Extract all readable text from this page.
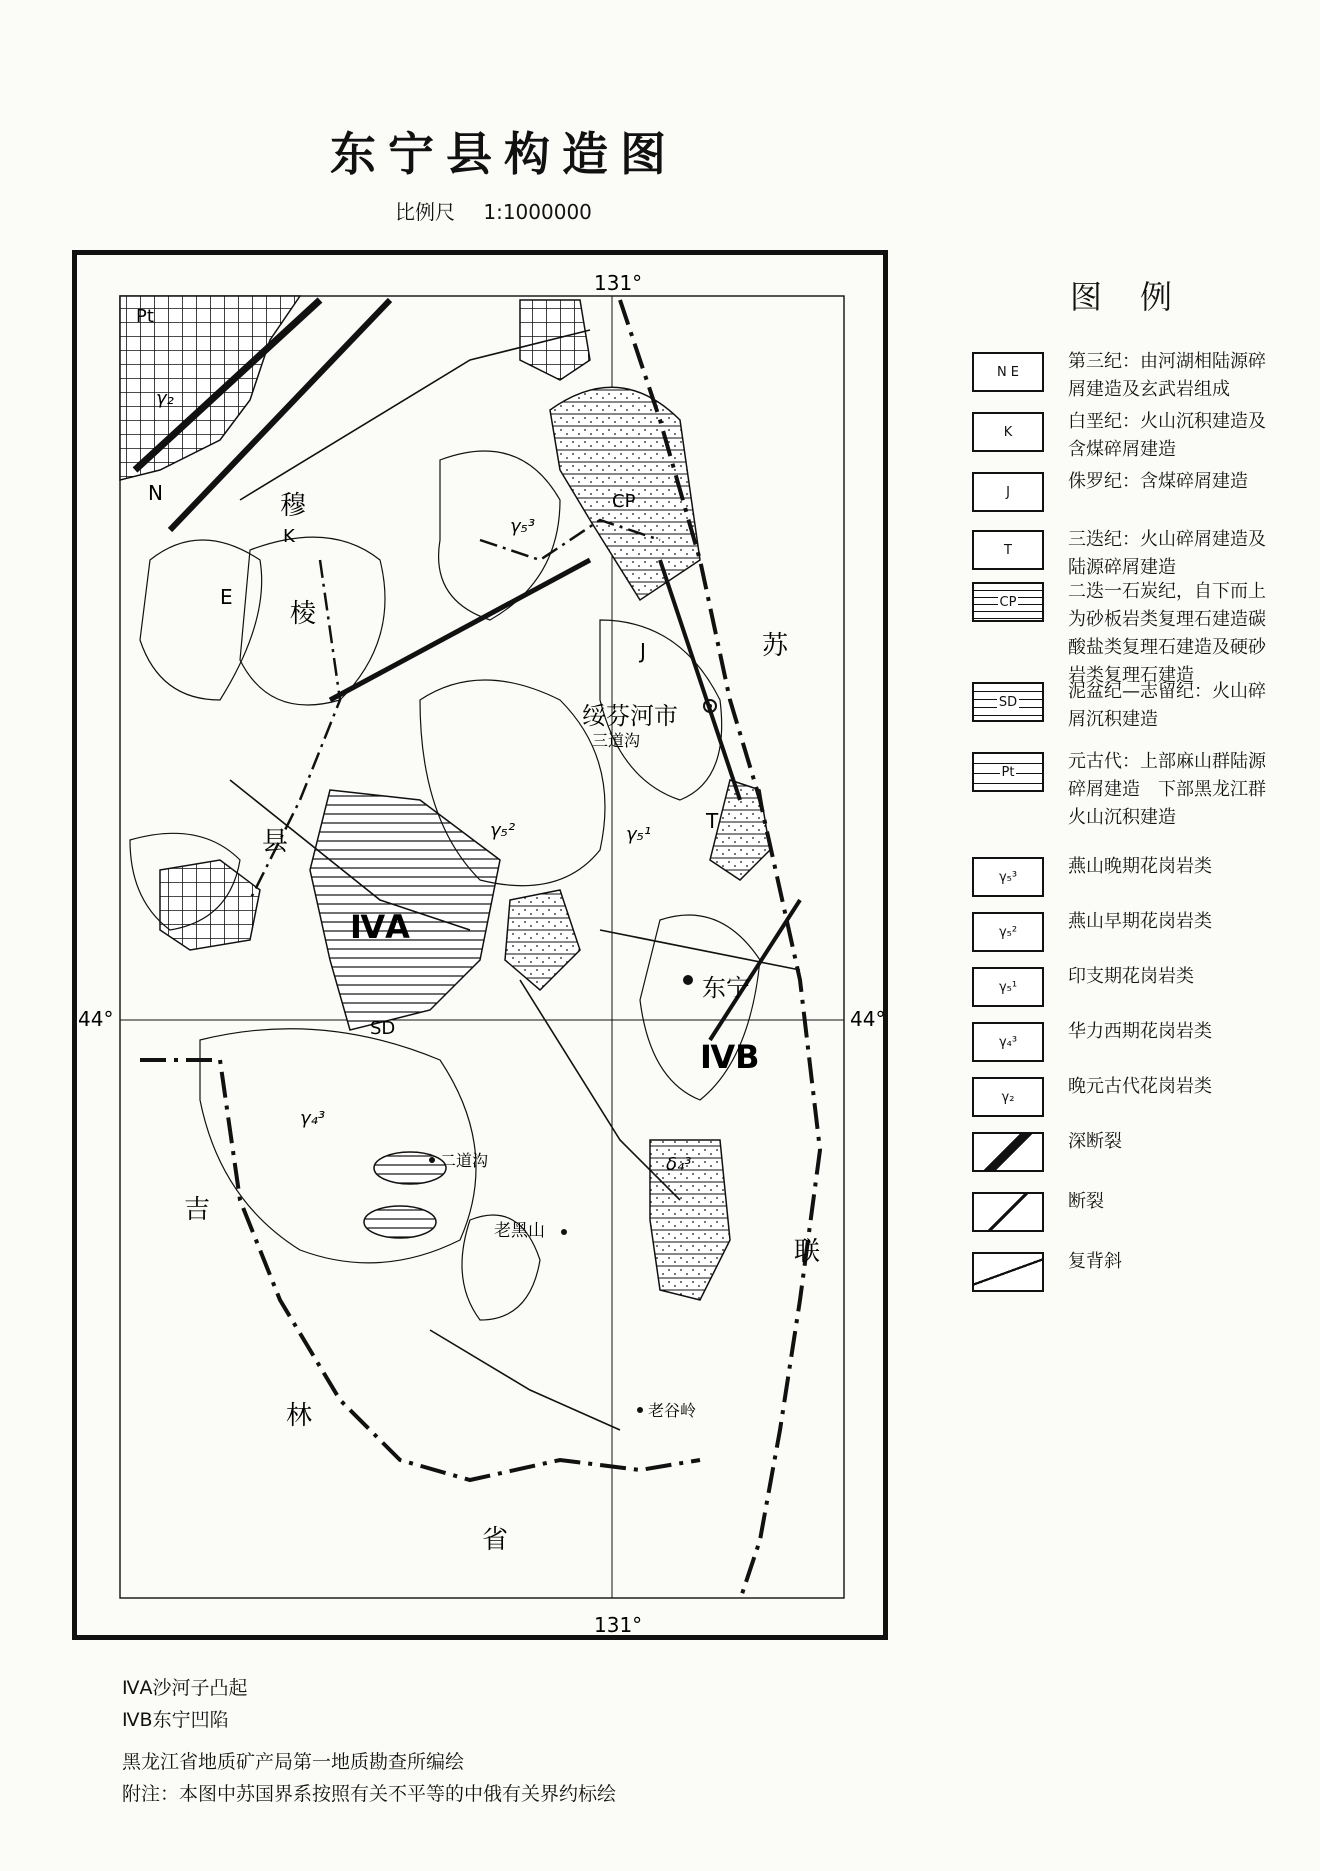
东宁县构造图
比例尺 1:1000000
131°
131°
44°	44°
穆
棱
县
吉
林
省
苏
联
绥芬河市
东宁
二道沟
三道沟
老黑山
老谷岭
ⅣA
ⅣB
N
E
K
J
T
CP
SD
Pt
γ₅³
γ₅²	γ₅¹
γ₄³
γ₂
δ₄³
图例
N E	第三纪：由河湖相陆源碎屑建造及玄武岩组成
K	白垩纪：火山沉积建造及含煤碎屑建造
J	侏罗纪：含煤碎屑建造
T	三迭纪：火山碎屑建造及陆源碎屑建造
CP	二迭一石炭纪，自下而上为砂板岩类复理石建造碳酸盐类复理石建造及硬砂岩类复理石建造
SD	泥盆纪—志留纪：火山碎屑沉积建造
Pt	元古代：上部麻山群陆源碎屑建造　下部黑龙江群火山沉积建造
γ₅³	燕山晚期花岗岩类
γ₅²	燕山早期花岗岩类
γ₅¹	印支期花岗岩类
γ₄³	华力西期花岗岩类
γ₂	晚元古代花岗岩类
深断裂
断裂
复背斜
ⅣA沙河子凸起
ⅣB东宁凹陷
黑龙江省地质矿产局第一地质勘查所编绘
附注：本图中苏国界系按照有关不平等的中俄有关界约标绘
